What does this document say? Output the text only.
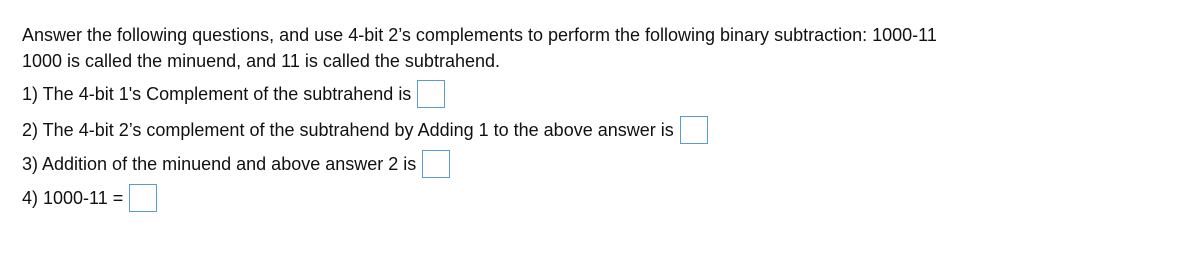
Answer the following questions, and use 4-bit 2’s complements to perform the following binary subtraction: 1000-11
1000 is called the minuend, and 11 is called the subtrahend.
1) The 4-bit 1's Complement of the subtrahend is
2) The 4-bit 2’s complement of the subtrahend by Adding 1 to the above answer is
3) Addition of the minuend and above answer 2 is
4) 1000-11 =
